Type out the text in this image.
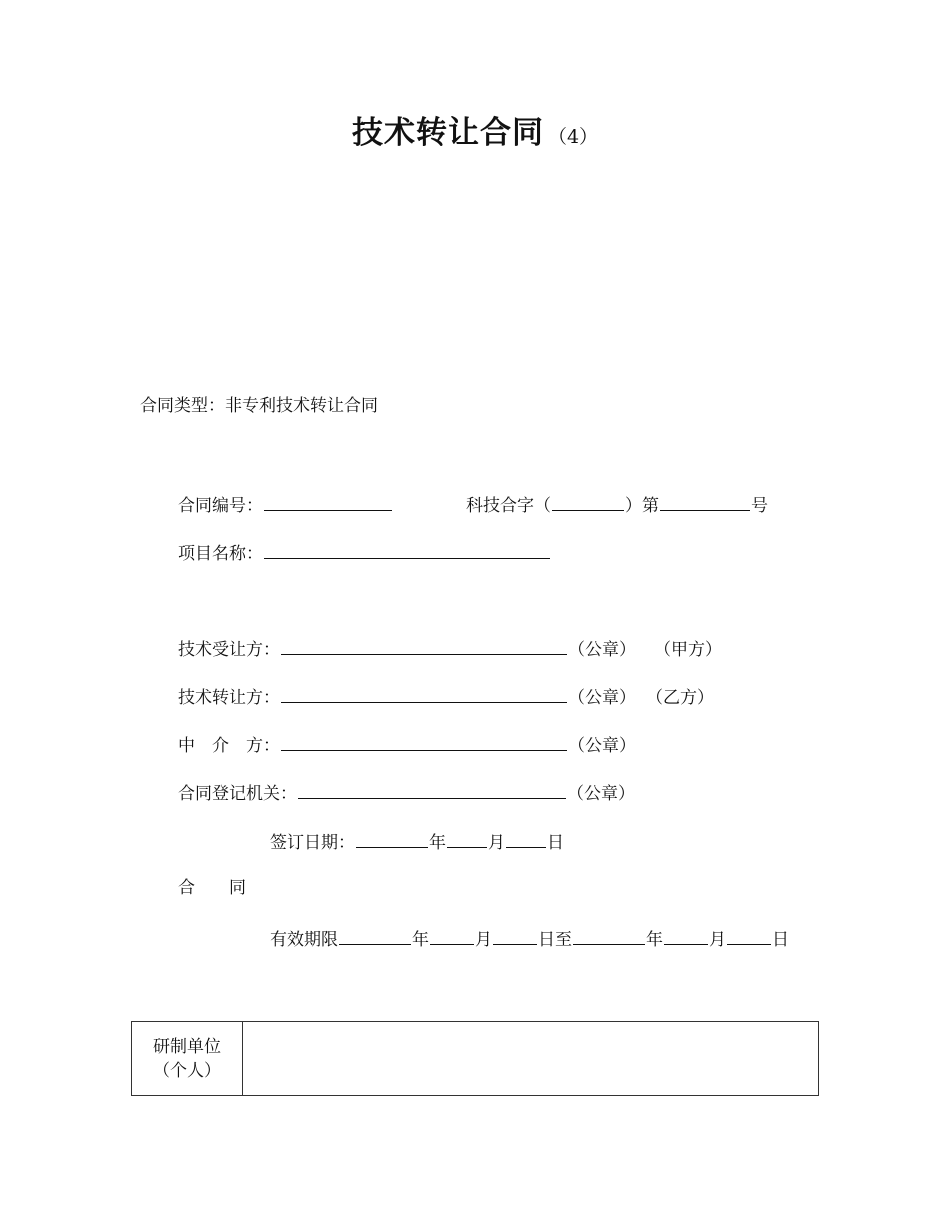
技术转让合同 （4）
合同类型：非专利技术转让合同
合同编号：	科技合字（	）第	号
项目名称：
技术受让方：	（公章） （甲方）
技术转让方：	（公章） （乙方）
中　介　方：	（公章）
合同登记机关：	（公章）
签订日期：	年 月 日
合　　同
有效期限	年	月	日至	年	月	日
研制单位
（个人）
